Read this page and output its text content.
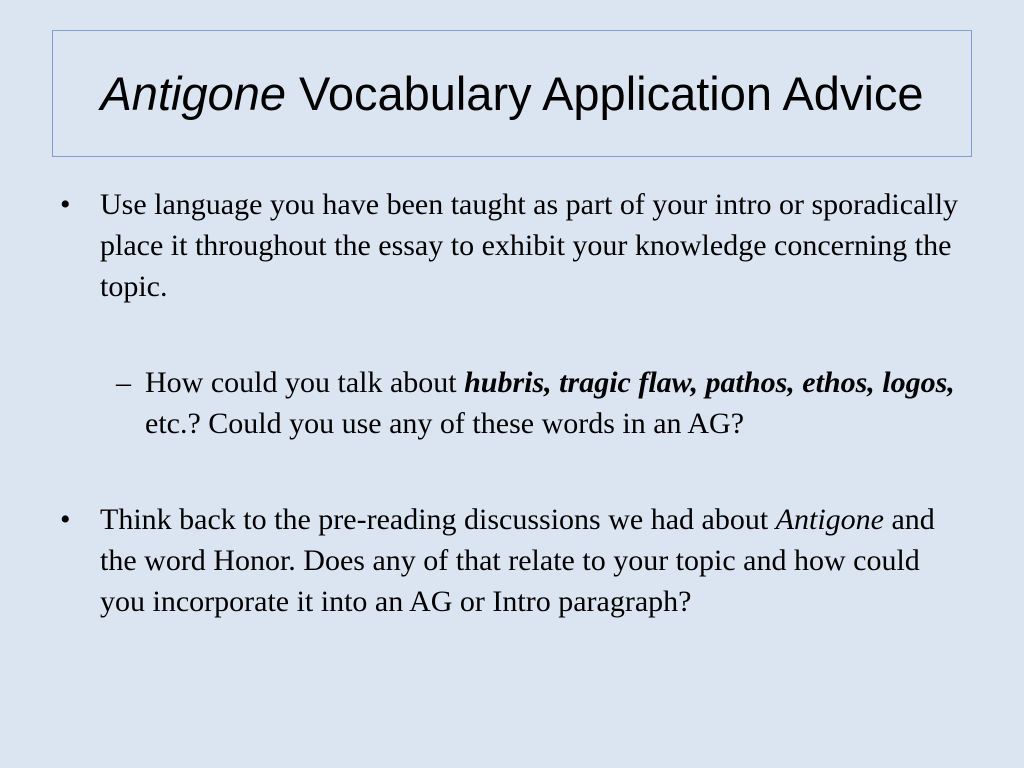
Antigone Vocabulary Application Advice

• Use language you have been taught as part of your intro or sporadically place it throughout the essay to exhibit your knowledge concerning the topic.

– How could you talk about hubris, tragic flaw, pathos, ethos, logos, etc.? Could you use any of these words in an AG?

• Think back to the pre-reading discussions we had about Antigone and the word Honor. Does any of that relate to your topic and how could you incorporate it into an AG or Intro paragraph?
